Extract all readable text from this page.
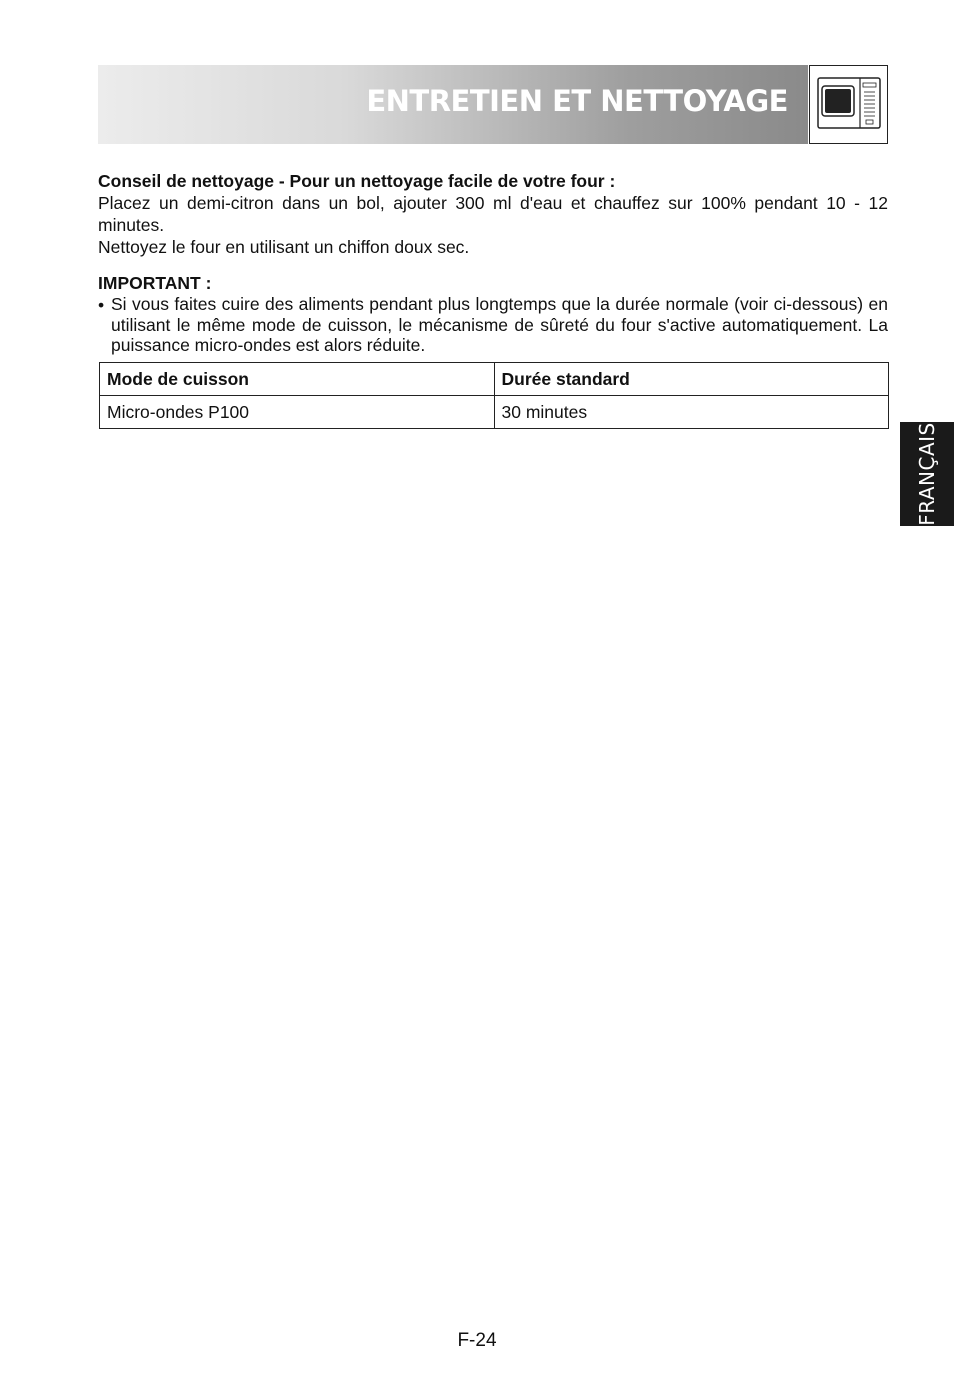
ENTRETIEN ET NETTOYAGE

Conseil de nettoyage - Pour un nettoyage facile de votre four :

Placez un demi-citron dans un bol, ajouter 300 ml d'eau et chauffez sur 100% pendant 10 - 12 minutes.

Nettoyez le four en utilisant un chiffon doux sec.

IMPORTANT :

• Si vous faites cuire des aliments pendant plus longtemps que la durée normale (voir ci-dessous) en utilisant le même mode de cuisson, le mécanisme de sûreté du four s'active automatiquement. La puissance micro-ondes est alors réduite.
Mode de cuisson	Durée standard
Micro-ondes P100	30 minutes
FRANÇAIS
F-24
